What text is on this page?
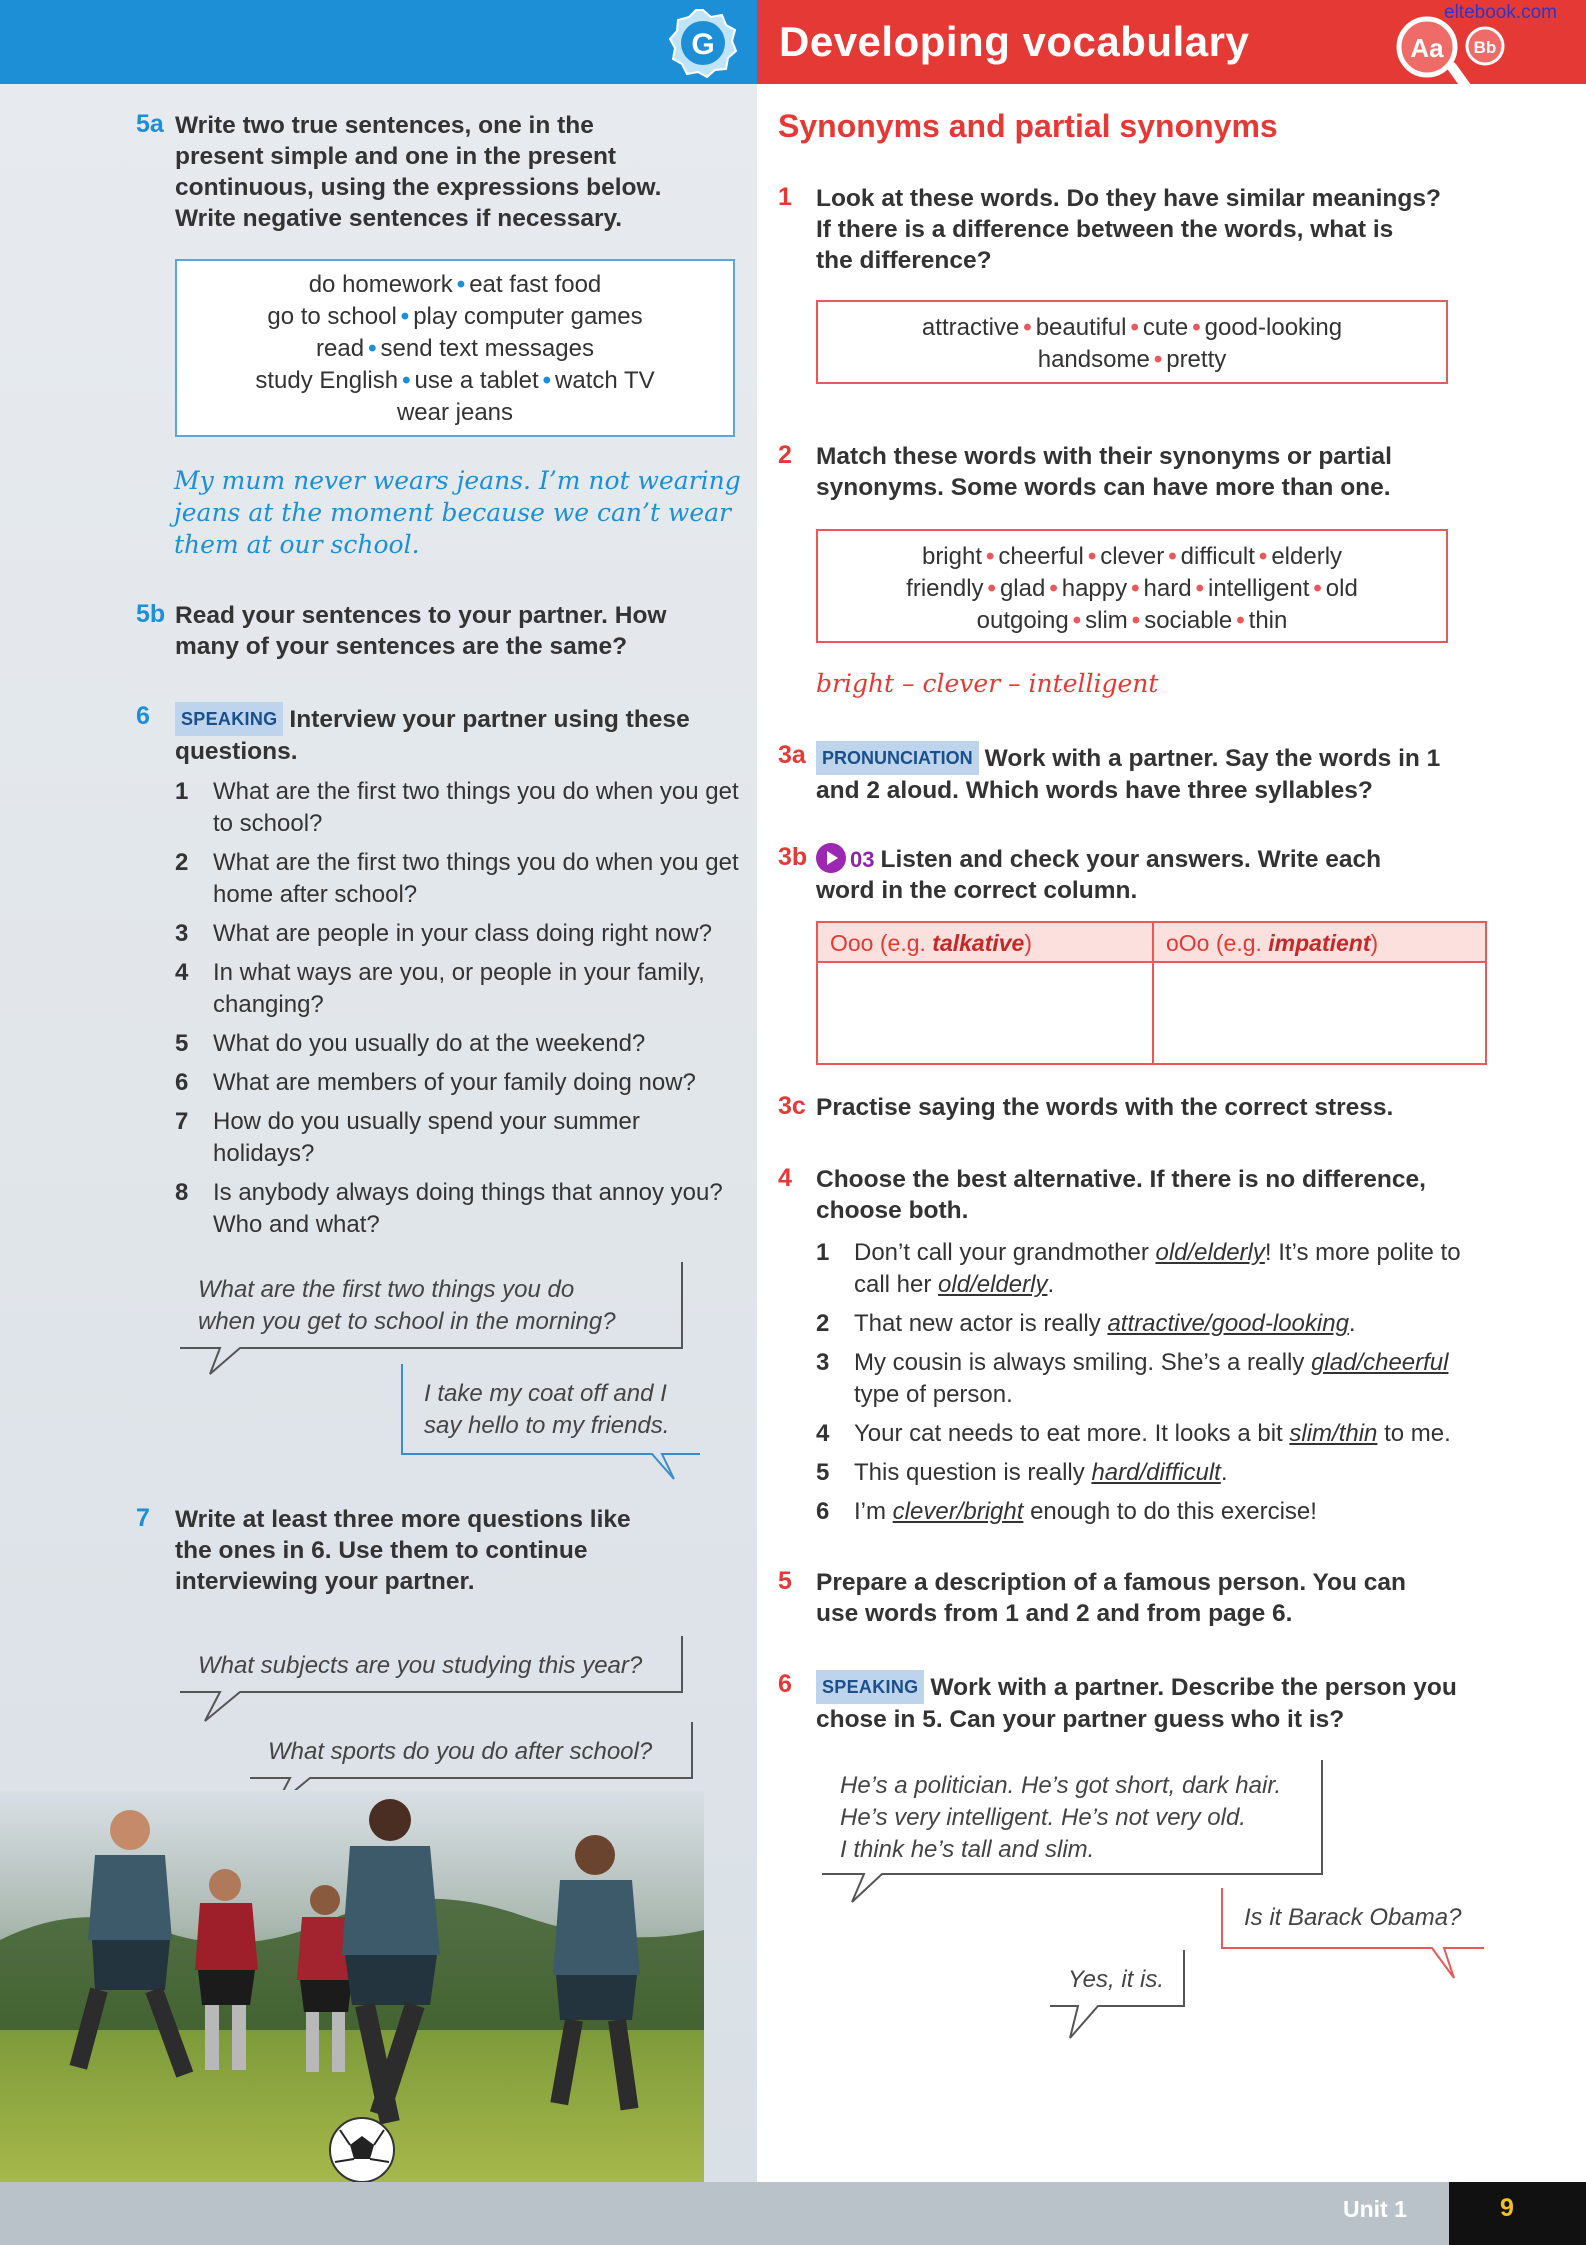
G Developing vocabulary	Aa Bb
eltebook.com
5a Write two true sentences, one in the
present simple and one in the present
continuous, using the expressions below.
Write negative sentences if necessary.
do homework • eat fast food
go to school • play computer games
read • send text messages
study English • use a tablet • watch TV
wear jeans
My mum never wears jeans. I’m not wearing
jeans at the moment because we can’t wear
them at our school.
5b Read your sentences to your partner. How
many of your sentences are the same?
6	SPEAKING Interview your partner using these
questions.
1 What are the first two things you do when you get to school?
2 What are the first two things you do when you get home after school?
3 What are people in your class doing right now?
4 In what ways are you, or people in your family, changing?
5 What do you usually do at the weekend?
6 What are members of your family doing now?
7 How do you usually spend your summer holidays?
8 Is anybody always doing things that annoy you? Who and what?
What are the first two things you do
when you get to school in the morning?
I take my coat off and I
say hello to my friends.
7 Write at least three more questions like
the ones in 6. Use them to continue
interviewing your partner.
What subjects are you studying this year?
What sports do you do after school?
Synonyms and partial synonyms
1 Look at these words. Do they have similar meanings?
If there is a difference between the words, what is
the difference?
attractive • beautiful • cute • good-looking
handsome • pretty
2 Match these words with their synonyms or partial
synonyms. Some words can have more than one.
bright • cheerful • clever • difficult • elderly
friendly • glad • happy • hard • intelligent • old
outgoing • slim • sociable • thin
bright – clever – intelligent
3a PRONUNCIATION Work with a partner. Say the words in 1
and 2 aloud. Which words have three syllables?
3b	03 Listen and check your answers. Write each
word in the correct column.
Ooo (e.g. talkative)	oOo (e.g. impatient)
3c Practise saying the words with the correct stress.
4 Choose the best alternative. If there is no difference,
choose both.
1 Don’t call your grandmother old/elderly! It’s more polite to call her old/elderly.
2 That new actor is really attractive/good-looking.
3 My cousin is always smiling. She’s a really glad/cheerful type of person.
4 Your cat needs to eat more. It looks a bit slim/thin to me.
5 This question is really hard/difficult.
6 I’m clever/bright enough to do this exercise!
5 Prepare a description of a famous person. You can
use words from 1 and 2 and from page 6.
6	SPEAKING Work with a partner. Describe the person you
chose in 5. Can your partner guess who it is?
He’s a politician. He’s got short, dark hair.
He’s very intelligent. He’s not very old.
I think he’s tall and slim.
Is it Barack Obama?
Yes, it is.
Unit 1	9
